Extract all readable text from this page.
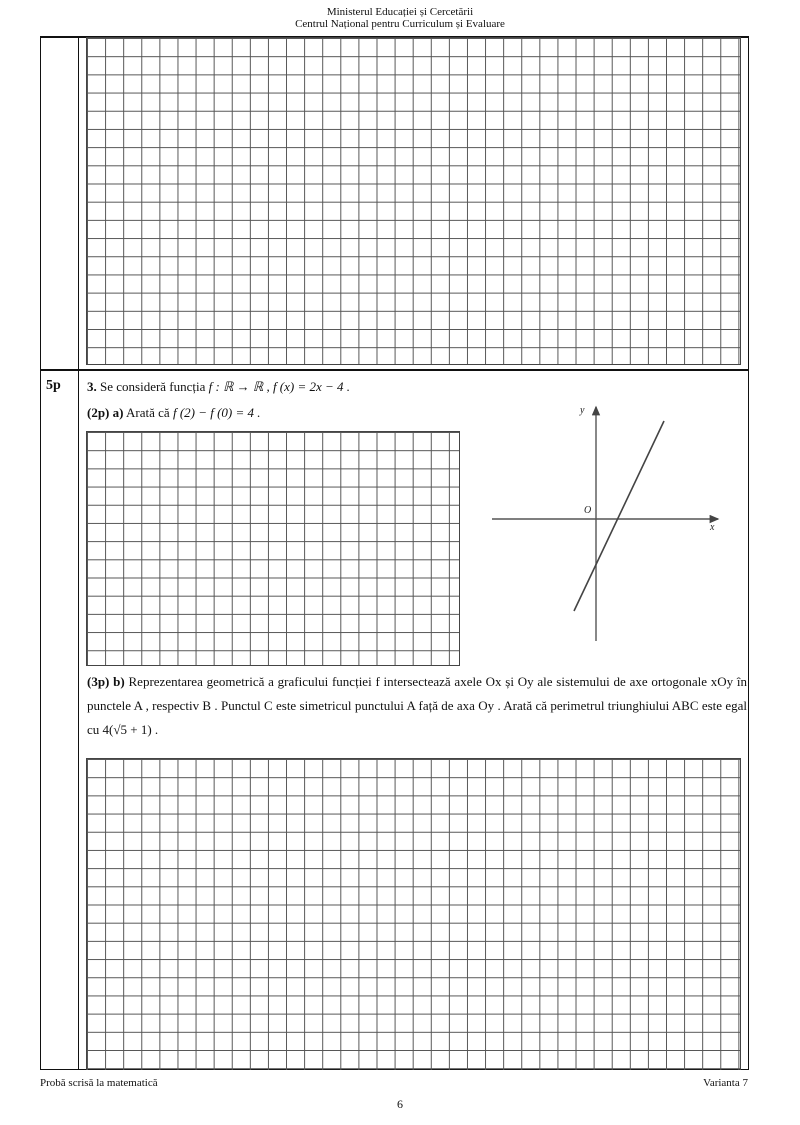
Ministerul Educației și Cercetării
Centrul Național pentru Curriculum și Evaluare
5p 3. Se consideră funcția f : ℝ → ℝ , f (x) = 2x − 4 .
(2p) a) Arată că f (2) − f (0) = 4 .	y
x
O
(3p) b) Reprezentarea geometrică a graficului funcției f intersectează axele Ox și Oy ale sistemului de axe ortogonale xOy în punctele A , respectiv B . Punctul C este simetricul punctului A față de axa Oy . Arată că perimetrul triunghiului ABC este egal cu 4(√5 + 1) .
Probă scrisă la matematică	Varianta 7
6
